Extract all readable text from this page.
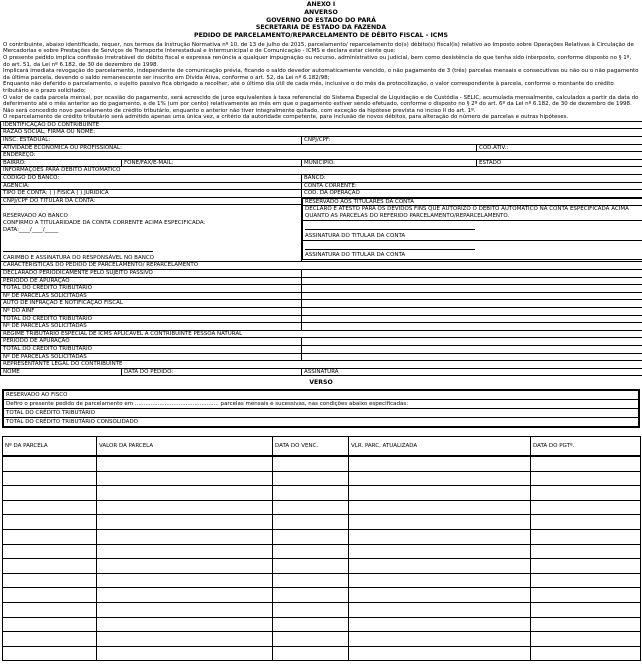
ANEXO I
ANVERSO
GOVERNO DO ESTADO DO PARÁ
SECRETARIA DE ESTADO DA FAZENDA
PEDIDO DE PARCELAMENTO/REPARCELAMENTO DE DÉBITO FISCAL - ICMS

O contribuinte, abaixo identificado, requer, nos termos da Instrução Normativa nº 10, de 13 de julho de 2015, parcelamento/ reparcelamento do(s) débito(s) fiscal(is) relativo ao Imposto sobre Operações Relativas à Circulação de Mercadorias e sobre Prestações de Serviços de Transporte Interestadual e Intermunicipal e de Comunicação - ICMS e declara estar ciente que:

O presente pedido implica confissão irretratável do débito fiscal e expressa renúncia a qualquer impugnação ou recurso, administrativo ou judicial, bem como desistência do que tenha sido interposto, conforme disposto no § 1º, do art. 51, da Lei nº 6.182, de 30 de dezembro de 1998.

Implicará imediata revogação do parcelamento, independente de comunicação prévia, ficando o saldo devedor automaticamente vencido, o não pagamento de 3 (três) parcelas mensais e consecutivas ou não ou o não pagamento da última parcela, devendo o saldo remanescente ser inscrito em Dívida Ativa, conforme o art. 52, da Lei nº 6.182/98;

Enquanto não deferido o parcelamento, o sujeito passivo fica obrigado a recolher, até o último dia útil de cada mês, inclusive o do mês da protocolização, o valor correspondente à parcela, conforme o montante do crédito tributário e o prazo solicitado;

O valor de cada parcela mensal, por ocasião do pagamento, será acrescido de juros equivalentes à taxa referencial do Sistema Especial de Liquidação e de Custódia - SELIC, acumulada mensalmente, calculados a partir da data do deferimento até o mês anterior ao do pagamento, e de 1% (um por cento) relativamente ao mês em que o pagamento estiver sendo efetuado, conforme o disposto no § 2º do art. 6º da Lei nº 6.182, de 30 de dezembro de 1998.

Não será concedido novo parcelamento de crédito tributário, enquanto o anterior não tiver integralmente quitado, com exceção da hipótese prevista no inciso II do art. 1º.

O reparcelamento de crédito tributário será admitido apenas uma única vez, a critério da autoridade competente, para inclusão de novos débitos, para alteração do número de parcelas e outras hipóteses.

IDENTIFICAÇÃO DO CONTRIBUINTE
RAZÃO SOCIAL, FIRMA OU NOME:
INSC. ESTADUAL:	CNPJ/CPF:
ATIVIDADE ECONÔMICA OU PROFISSIONAL:	COD.ATIV.:
ENDEREÇO:
BAIRRO:	FONE/FAX/E-MAIL:	MUNICÍPIO:	ESTADO
INFORMAÇÕES PARA DÉBITO AUTOMÁTICO
CÓDIGO DO BANCO:	BANCO:
AGÊNCIA:	CONTA CORRENTE:
TIPO DE CONTA: ( ) FÍSICA ( ) JURÍDICA	COD. DA OPERAÇÃO
CNPJ/CPF DO TITULAR DA CONTA:		RESERVADO AOS TITULARES DA CONTA
DECLARO E ATESTO PARA OS DEVIDOS FINS QUE AUTORIZO O DÉBITO AUTOMÁTICO NA CONTA ESPECIFICADA ACIMA QUANTO AS PARCELAS DO REFERIDO PARCELAMENTO/REPARCELAMENTO.

ASSINATURA DO TITULAR DA CONTA

ASSINATURA DO TITULAR DA CONTA

RESERVADO AO BANCO
CONFIRMO A TITULARIDADE DA CONTA CORRENTE ACIMA ESPECIFICADA:
DATA:____/____/_____
CARIMBO E ASSINATURA DO RESPONSÁVEL NO BANCO

CARACTERÍSTICAS DO PEDIDO DE PARCELAMENTO/ REPARCELAMENTO
DECLARADO PERIODICAMENTE PELO SUJEITO PASSIVO	
PERÍODO DE APURAÇÃO	
TOTAL DO CRÉDITO TRIBUTÁRIO	
Nº DE PARCELAS SOLICITADAS	
AUTO DE INFRAÇÃO E NOTIFICAÇÃO FISCAL	
Nº DO AINF	
TOTAL DO CRÉDITO TRIBUTÁRIO	
Nº DE PARCELAS SOLICITADAS	
REGIME TRIBUTÁRIO ESPECIAL DE ICMS APLICÁVEL A CONTRIBUINTE PESSOA NATURAL
PERÍODO DE APURAÇÃO	
TOTAL DO CRÉDITO TRIBUTÁRIO	
Nº DE PARCELAS SOLICITADAS	
REPRESENTANTE LEGAL DO CONTRIBUINTE
NOME	DATA DO PEDIDO:	ASSINATURA
VERSO
RESERVADO AO FISCO
Defiro o presente pedido de parcelamento em ................................................ parcelas mensais e sucessivas, nas condições abaixo especificadas:
TOTAL DO CRÉDITO TRIBUTÁRIO
TOTAL DO CRÉDITO TRIBUTÁRIO CONSOLIDADO
Nº DA PARCELA	VALOR DA PARCELA	DATA DO VENC.	VLR. PARC. ATUALIZADA	DATA DO PGTº.
